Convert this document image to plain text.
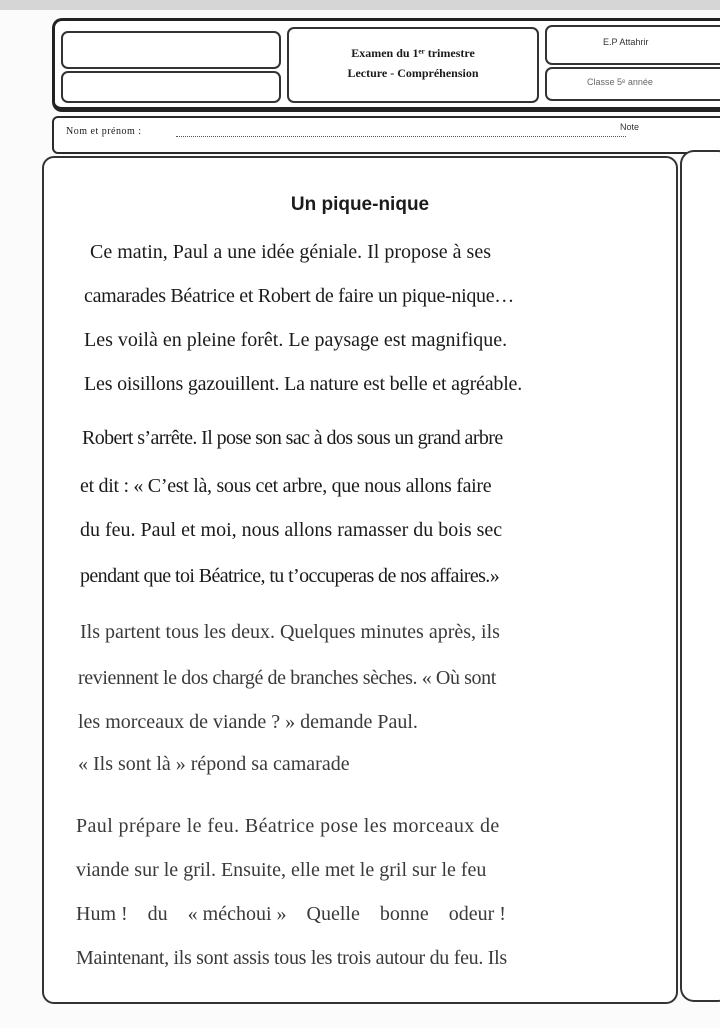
Examen du 1ᵉʳ trimestre
Lecture - Compréhension
E.P Attahrir
Classe 5ᵉ année
Nom et prénom :	Note
Un pique-nique
Ce matin, Paul a une idée géniale. Il propose à ses
camarades Béatrice et Robert de faire un pique-nique…
Les voilà en pleine forêt. Le paysage est magnifique.
Les oisillons gazouillent. La nature est belle et agréable.
Robert s’arrête. Il pose son sac à dos sous un grand arbre
et dit : « C’est là, sous cet arbre, que nous allons faire
du feu. Paul et moi, nous allons ramasser du bois sec
pendant que toi Béatrice, tu t’occuperas de nos affaires.»
Ils partent tous les deux. Quelques minutes après, ils
reviennent le dos chargé de branches sèches. « Où sont
les morceaux de viande ? » demande Paul.
« Ils sont là » répond sa camarade
Paul prépare le feu. Béatrice pose les morceaux de
viande sur le gril. Ensuite, elle met le gril sur le feu
Hum !    du    « méchoui »    Quelle    bonne    odeur !
Maintenant, ils sont assis tous les trois autour du feu. Ils
